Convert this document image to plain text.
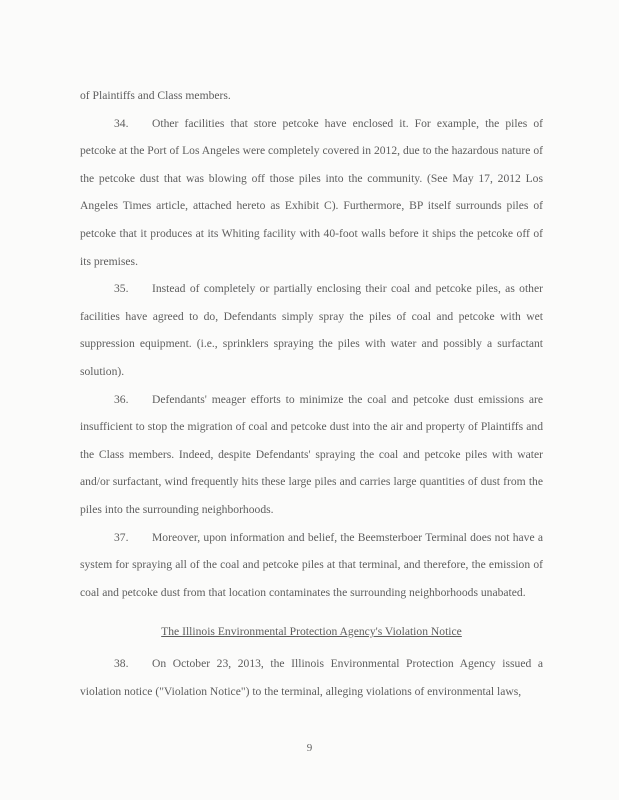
of Plaintiffs and Class members.

34. Other facilities that store petcoke have enclosed it. For example, the piles of petcoke at the Port of Los Angeles were completely covered in 2012, due to the hazardous nature of the petcoke dust that was blowing off those piles into the community. (See May 17, 2012 Los Angeles Times article, attached hereto as Exhibit C). Furthermore, BP itself surrounds piles of petcoke that it produces at its Whiting facility with 40-foot walls before it ships the petcoke off of its premises.

35. Instead of completely or partially enclosing their coal and petcoke piles, as other facilities have agreed to do, Defendants simply spray the piles of coal and petcoke with wet suppression equipment. (i.e., sprinklers spraying the piles with water and possibly a surfactant solution).

36. Defendants' meager efforts to minimize the coal and petcoke dust emissions are insufficient to stop the migration of coal and petcoke dust into the air and property of Plaintiffs and the Class members. Indeed, despite Defendants' spraying the coal and petcoke piles with water and/or surfactant, wind frequently hits these large piles and carries large quantities of dust from the piles into the surrounding neighborhoods.

37. Moreover, upon information and belief, the Beemsterboer Terminal does not have a system for spraying all of the coal and petcoke piles at that terminal, and therefore, the emission of coal and petcoke dust from that location contaminates the surrounding neighborhoods unabated.

The Illinois Environmental Protection Agency's Violation Notice

38. On October 23, 2013, the Illinois Environmental Protection Agency issued a violation notice ("Violation Notice") to the terminal, alleging violations of environmental laws,

9
